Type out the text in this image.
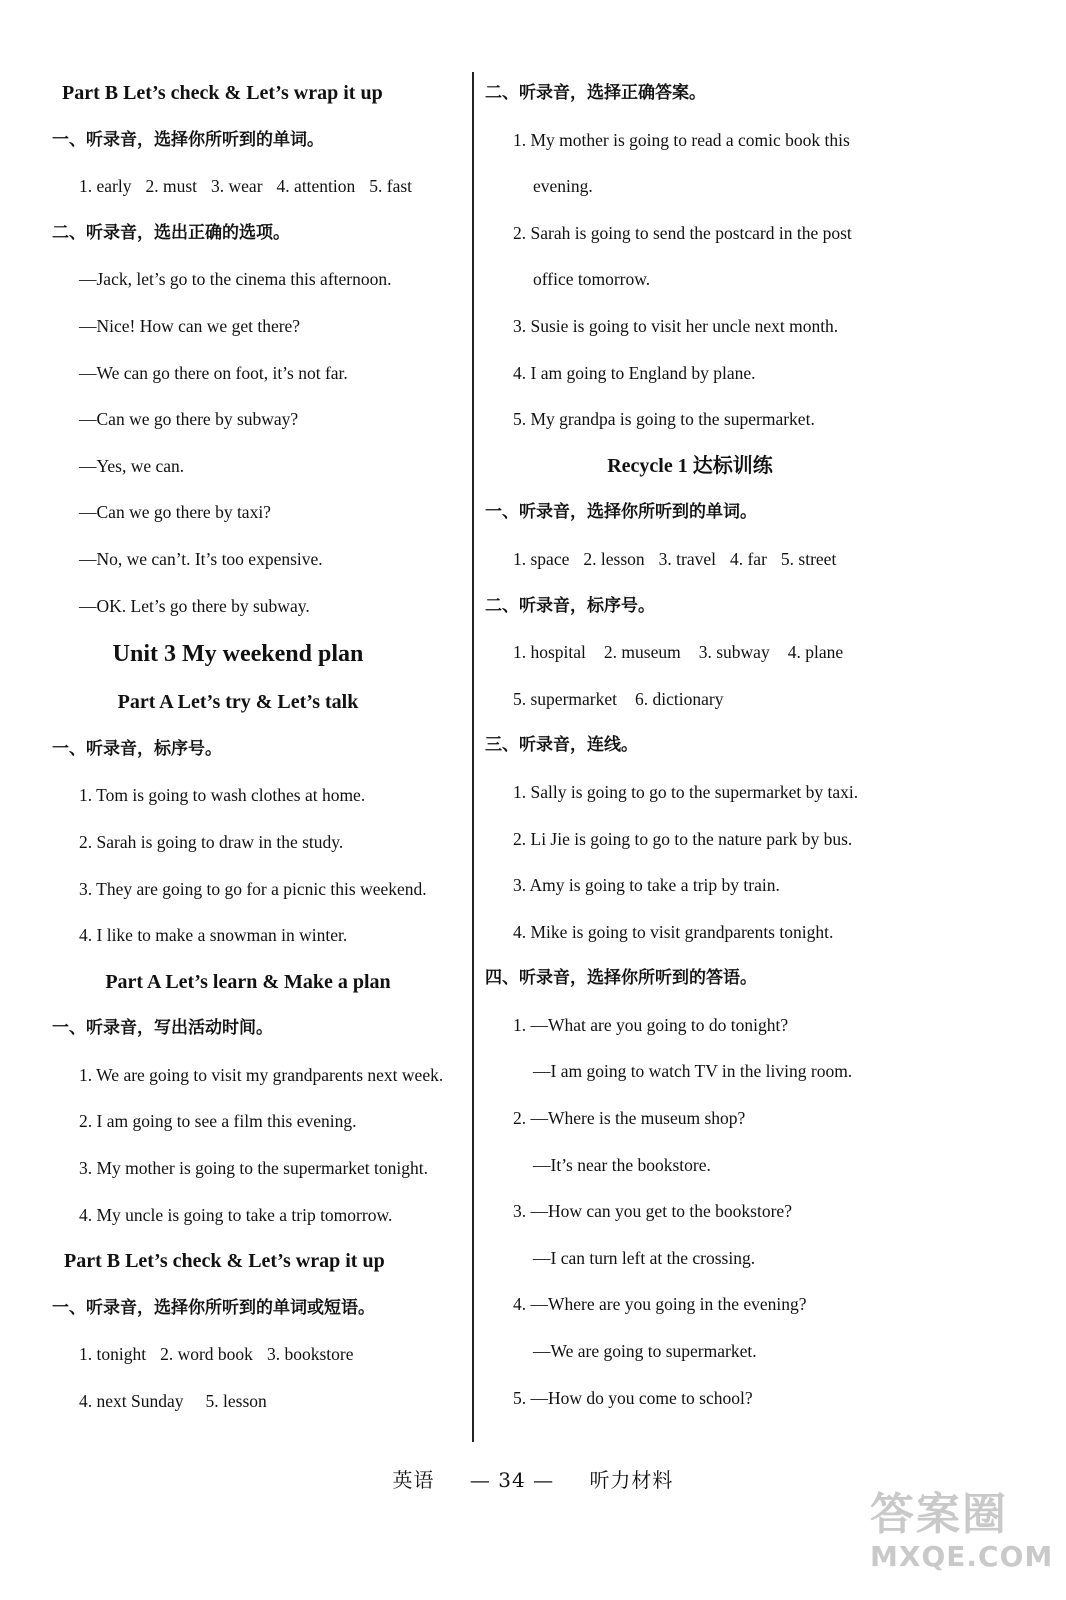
Part B Let’s check & Let’s wrap it up
一、听录音，选择你所听到的单词。
1. early 2. must 3. wear 4. attention 5. fast
二、听录音，选出正确的选项。
—Jack, let’s go to the cinema this afternoon.
—Nice! How can we get there?
—We can go there on foot, it’s not far.
—Can we go there by subway?
—Yes, we can.
—Can we go there by taxi?
—No, we can’t. It’s too expensive.
—OK. Let’s go there by subway.
Unit 3 My weekend plan
Part A Let’s try & Let’s talk
一、听录音，标序号。
1. Tom is going to wash clothes at home.
2. Sarah is going to draw in the study.
3. They are going to go for a picnic this weekend.
4. I like to make a snowman in winter.
Part A Let’s learn & Make a plan
一、听录音，写出活动时间。
1. We are going to visit my grandparents next week.
2. I am going to see a film this evening.
3. My mother is going to the supermarket tonight.
4. My uncle is going to take a trip tomorrow.
Part B Let’s check & Let’s wrap it up
一、听录音，选择你所听到的单词或短语。
1. tonight 2. word book 3. bookstore
4. next Sunday 5. lesson
二、听录音，选择正确答案。
1. My mother is going to read a comic book this
evening.
2. Sarah is going to send the postcard in the post
office tomorrow.
3. Susie is going to visit her uncle next month.
4. I am going to England by plane.
5. My grandpa is going to the supermarket.
Recycle 1 达标训练
一、听录音，选择你所听到的单词。
1. space 2. lesson 3. travel 4. far 5. street
二、听录音，标序号。
1. hospital 2. museum 3. subway 4. plane
5. supermarket 6. dictionary
三、听录音，连线。
1. Sally is going to go to the supermarket by taxi.
2. Li Jie is going to go to the nature park by bus.
3. Amy is going to take a trip by train.
4. Mike is going to visit grandparents tonight.
四、听录音，选择你所听到的答语。
1. —What are you going to do tonight?
—I am going to watch TV in the living room.
2. —Where is the museum shop?
—It’s near the bookstore.
3. —How can you get to the bookstore?
—I can turn left at the crossing.
4. —Where are you going in the evening?
—We are going to supermarket.
5. —How do you come to school?
英语 — 34 — 听力材料
答案圈
MXQE.COM
